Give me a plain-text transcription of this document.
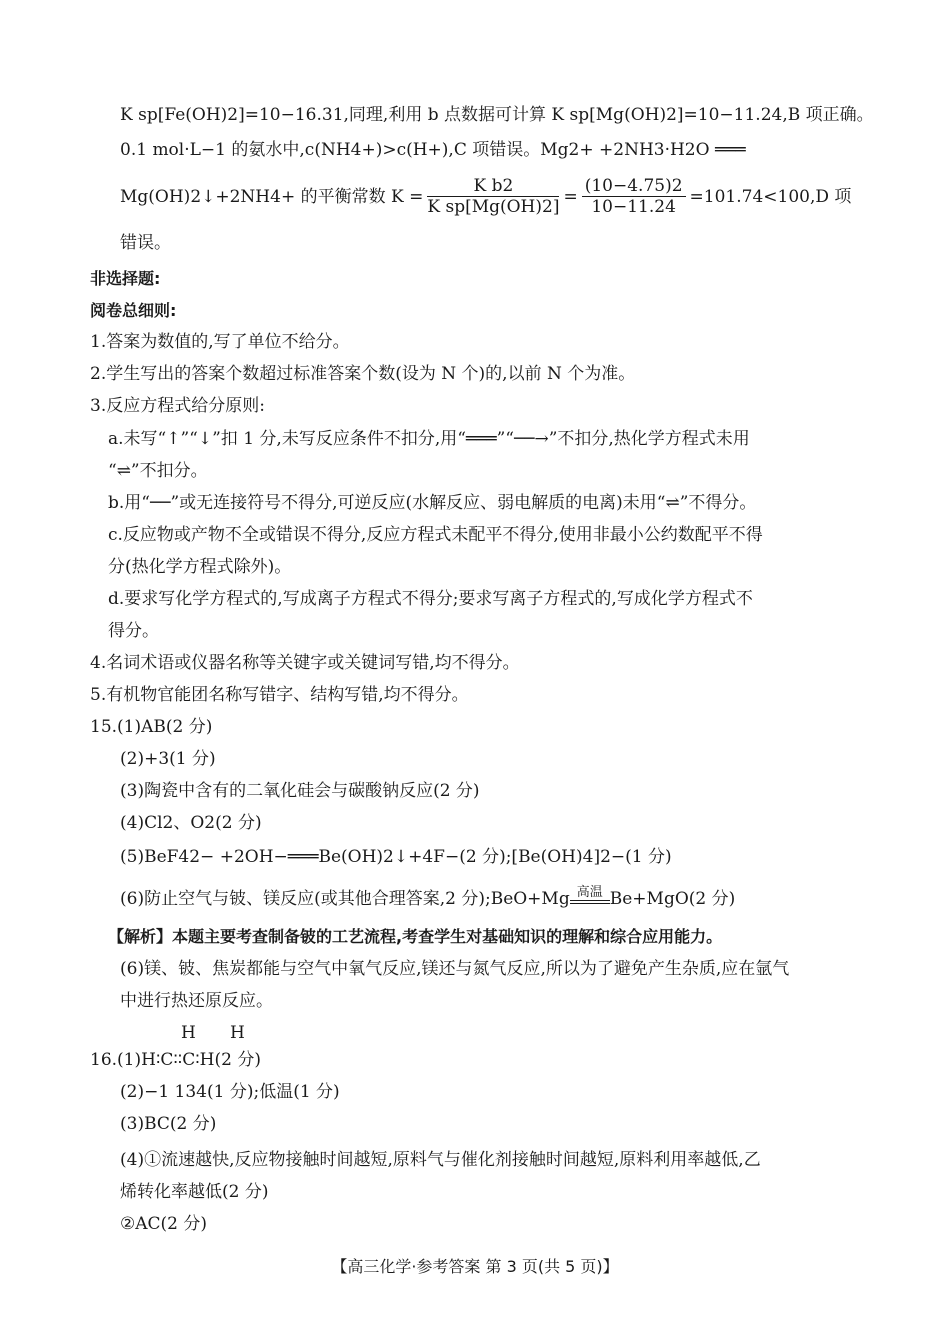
K sp[Fe(OH)2]=10−16.31,同理,利用 b 点数据可计算 K sp[Mg(OH)2]=10−11.24,B 项正确。
0.1 mol·L−1 的氨水中,c(NH4+)>c(H+),C 项错误。Mg2+ +2NH3·H2O ═══
Mg(OH)2↓+2NH4+ 的平衡常数 $K = \frac{\text{K b2}}{\text{K sp[Mg(OH)2]}} = \frac{(10-4.75)2}{10-11.24} =101.74<100,D$ 项
错误。
非选择题:
阅卷总细则:
1.答案为数值的,写了单位不给分。
2.学生写出的答案个数超过标准答案个数(设为 N 个)的,以前 N 个为准。
3.反应方程式给分原则:
a.未写“↑”“↓”扣 1 分,未写反应条件不扣分,用“═══”“──→”不扣分,热化学方程式未用
“⇌”不扣分。
b.用“──”或无连接符号不得分,可逆反应(水解反应、弱电解质的电离)未用“⇌”不得分。
c.反应物或产物不全或错误不得分,反应方程式未配平不得分,使用非最小公约数配平不得
分(热化学方程式除外)。
d.要求写化学方程式的,写成离子方程式不得分;要求写离子方程式的,写成化学方程式不
得分。
4.名词术语或仪器名称等关键字或关键词写错,均不得分。
5.有机物官能团名称写错字、结构写错,均不得分。
15.(1)AB(2 分)
(2)+3(1 分)
(3)陶瓷中含有的二氧化硅会与碳酸钠反应(2 分)
(4)Cl2、O2(2 分)
(5)BeF42− +2OH−═══Be(OH)2↓+4F−(2 分);[Be(OH)4]2−(1 分)
(6)防止空气与铍、镁反应(或其他合理答案,2 分);BeO+Mg 高温 Be+MgO(2 分)
【解析】本题主要考查制备铍的工艺流程,考查学生对基础知识的理解和综合应用能力。
(6)镁、铍、焦炭都能与空气中氧气反应,镁还与氮气反应,所以为了避免产生杂质,应在氩气
中进行热还原反应。
H H
16.(1)H∶C∶∶C∶H(2 分)
(2)−1 134(1 分);低温(1 分)
(3)BC(2 分)
(4)①流速越快,反应物接触时间越短,原料气与催化剂接触时间越短,原料利用率越低,乙
烯转化率越低(2 分)
②AC(2 分)
【高三化学·参考答案 第 3 页(共 5 页)】
